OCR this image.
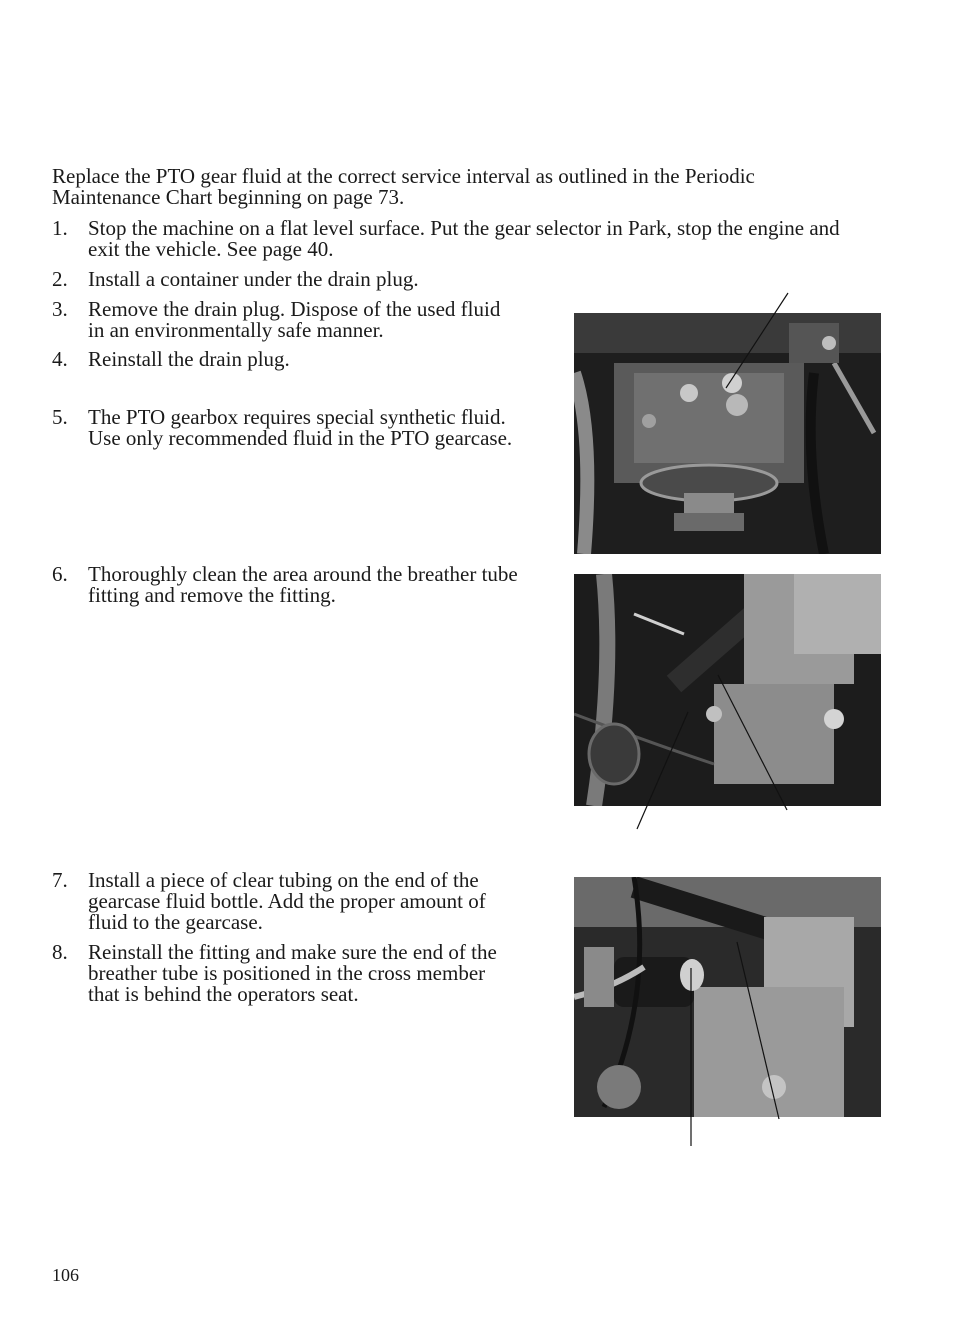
Replace the PTO gear fluid at the correct service interval as outlined in the Periodic
Maintenance Chart beginning on page 73.
1. Stop the machine on a flat level surface. Put the gear selector in Park, stop the engine and
exit the vehicle. See page 40.
2. Install a container under the drain plug.
3. Remove the drain plug. Dispose of the used fluid
in an environmentally safe manner.
4. Reinstall the drain plug.
5. The PTO gearbox requires special synthetic fluid.
Use only recommended fluid in the PTO gearcase.
6. Thoroughly clean the area around the breather tube
fitting and remove the fitting.
7. Install a piece of clear tubing on the end of the
gearcase fluid bottle. Add the proper amount of
fluid to the gearcase.
8. Reinstall the fitting and make sure the end of the
breather tube is positioned in the cross member
that is behind the operators seat.
106
